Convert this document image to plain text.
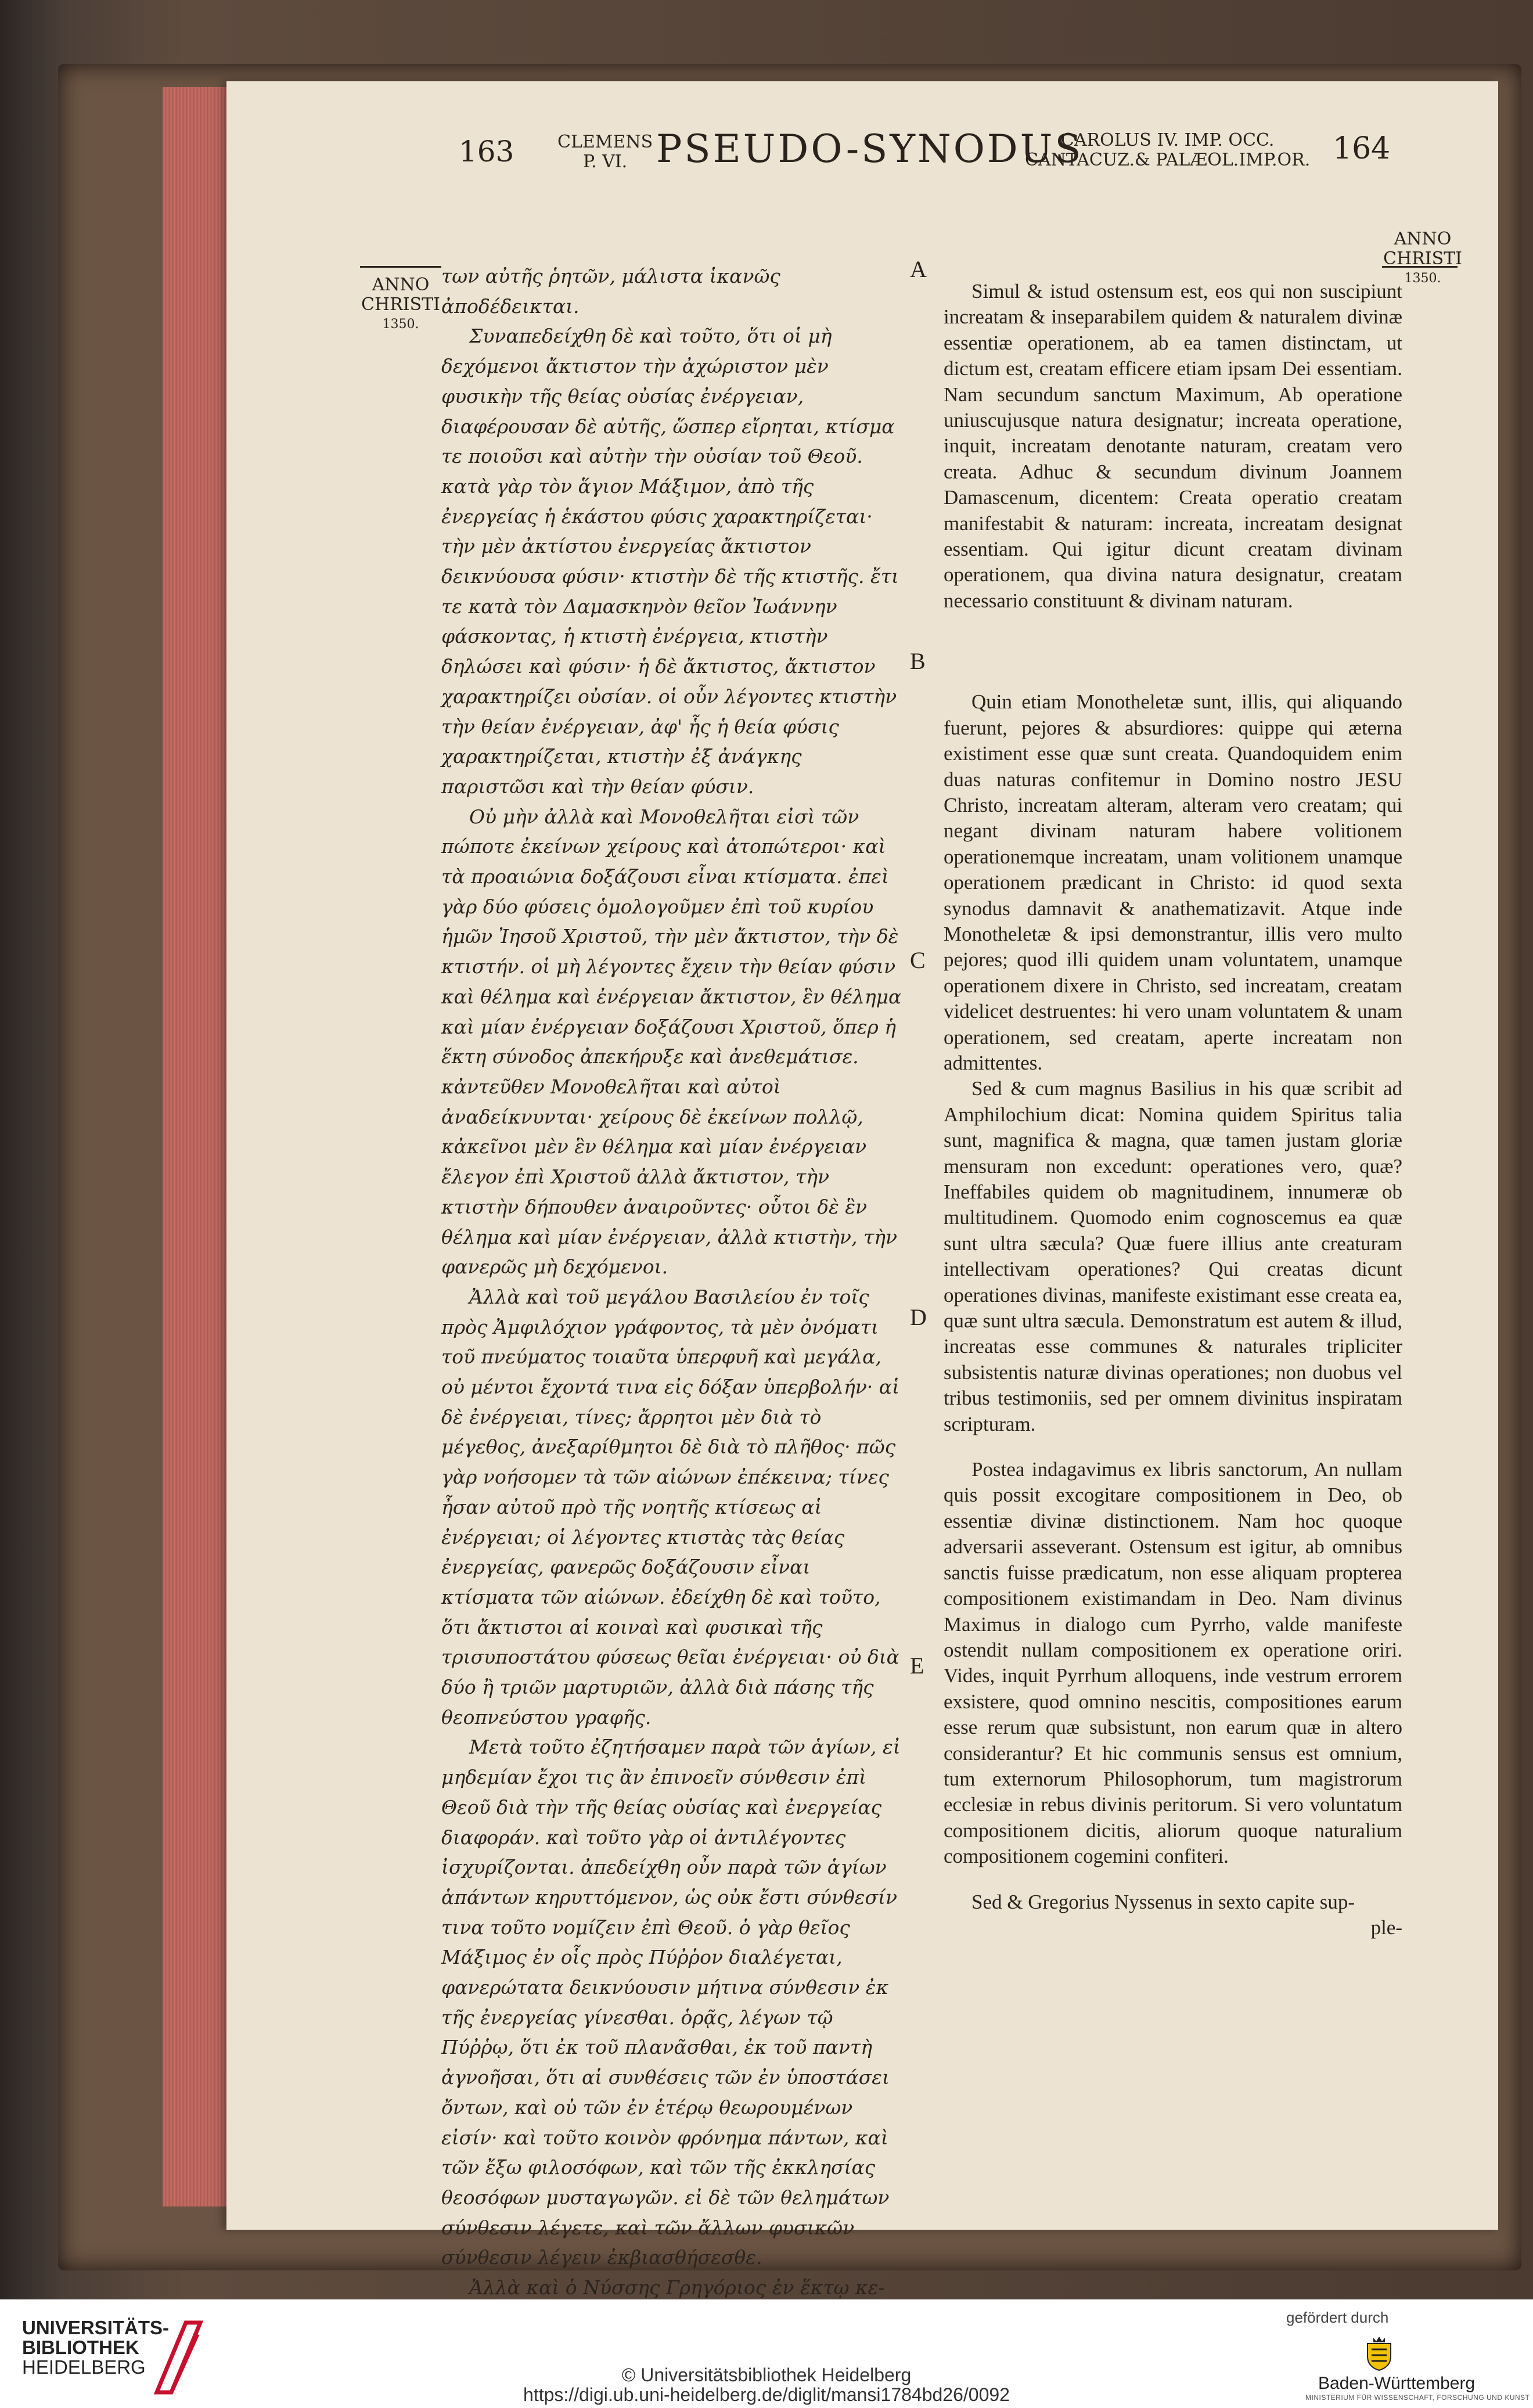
163 CLEMENS
P. VI. PSEUDO-SYNODUS
CAROLUS IV. IMP. OCC.
CANTACUZ.& PALÆOL.IMP.OR. 164
ANNO
CHRISTI
1350.
ANNO
CHRISTI
1350.
A
B
C
D
E

των αὐτῆς ῥητῶν, μάλιστα ἱκανῶς ἀποδέδεικται.

Συναπεδείχθη δὲ καὶ τοῦτο, ὅτι οἱ μὴ δεχόμενοι ἄκτιστον τὴν ἀχώριστον μὲν φυσικὴν τῆς θείας οὐσίας ἐνέργειαν, διαφέρουσαν δὲ αὐτῆς, ὥσπερ εἴρηται, κτίσμα τε ποιοῦσι καὶ αὐτὴν τὴν οὐσίαν τοῦ Θεοῦ. κατὰ γὰρ τὸν ἅγιον Μάξιμον, ἀπὸ τῆς ἐνεργείας ἡ ἑκάστου φύσις χαρακτηρίζεται· τὴν μὲν ἀκτίστου ἐνεργείας ἄκτιστον δεικνύουσα φύσιν· κτιστὴν δὲ τῆς κτιστῆς. ἔτι τε κατὰ τὸν Δαμασκηνὸν θεῖον Ἰωάννην φάσκοντας, ἡ κτιστὴ ἐνέργεια, κτιστὴν δηλώσει καὶ φύσιν· ἡ δὲ ἄκτιστος, ἄκτιστον χαρακτηρίζει οὐσίαν. οἱ οὖν λέγοντες κτιστὴν τὴν θείαν ἐνέργειαν, ἀφ' ἧς ἡ θεία φύσις χαρακτηρίζεται, κτιστὴν ἐξ ἀνάγκης παριστῶσι καὶ τὴν θείαν φύσιν.

Οὐ μὴν ἀλλὰ καὶ Μονοθελῆται εἰσὶ τῶν πώποτε ἐκείνων χείρους καὶ ἀτοπώτεροι· καὶ τὰ προαιώνια δοξάζουσι εἶναι κτίσματα. ἐπεὶ γὰρ δύο φύσεις ὁμολογοῦμεν ἐπὶ τοῦ κυρίου ἡμῶν Ἰησοῦ Χριστοῦ, τὴν μὲν ἄκτιστον, τὴν δὲ κτιστήν. οἱ μὴ λέγοντες ἔχειν τὴν θείαν φύσιν καὶ θέλημα καὶ ἐνέργειαν ἄκτιστον, ἓν θέλημα καὶ μίαν ἐνέργειαν δοξάζουσι Χριστοῦ, ὅπερ ἡ ἕκτη σύνοδος ἀπεκήρυξε καὶ ἀνεθεμάτισε. κἀντεῦθεν Μονοθελῆται καὶ αὐτοὶ ἀναδείκνυνται· χείρους δὲ ἐκείνων πολλῷ, κἀκεῖνοι μὲν ἓν θέλημα καὶ μίαν ἐνέργειαν ἔλεγον ἐπὶ Χριστοῦ ἀλλὰ ἄκτιστον, τὴν κτιστὴν δήπουθεν ἀναιροῦντες· οὗτοι δὲ ἓν θέλημα καὶ μίαν ἐνέργειαν, ἀλλὰ κτιστὴν, τὴν φανερῶς μὴ δεχόμενοι.

Ἀλλὰ καὶ τοῦ μεγάλου Βασιλείου ἐν τοῖς πρὸς Ἀμφιλόχιον γράφοντος, τὰ μὲν ὀνόματι τοῦ πνεύματος τοιαῦτα ὑπερφυῆ καὶ μεγάλα, οὐ μέντοι ἔχοντά τινα εἰς δόξαν ὑπερβολήν· αἱ δὲ ἐνέργειαι, τίνες; ἄρρητοι μὲν διὰ τὸ μέγεθος, ἀνεξαρίθμητοι δὲ διὰ τὸ πλῆθος· πῶς γὰρ νοήσομεν τὰ τῶν αἰώνων ἐπέκεινα; τίνες ἦσαν αὐτοῦ πρὸ τῆς νοητῆς κτίσεως αἱ ἐνέργειαι; οἱ λέγοντες κτιστὰς τὰς θείας ἐνεργείας, φανερῶς δοξάζουσιν εἶναι κτίσματα τῶν αἰώνων. ἐδείχθη δὲ καὶ τοῦτο, ὅτι ἄκτιστοι αἱ κοιναὶ καὶ φυσικαὶ τῆς τρισυποστάτου φύσεως θεῖαι ἐνέργειαι· οὐ διὰ δύο ἢ τριῶν μαρτυριῶν, ἀλλὰ διὰ πάσης τῆς θεοπνεύστου γραφῆς.

Μετὰ τοῦτο ἐζητήσαμεν παρὰ τῶν ἁγίων, εἰ μηδεμίαν ἔχοι τις ἂν ἐπινοεῖν σύνθεσιν ἐπὶ Θεοῦ διὰ τὴν τῆς θείας οὐσίας καὶ ἐνεργείας διαφοράν. καὶ τοῦτο γὰρ οἱ ἀντιλέγοντες ἰσχυρίζονται. ἀπεδείχθη οὖν παρὰ τῶν ἁγίων ἁπάντων κηρυττόμενον, ὡς οὐκ ἔστι σύνθεσίν τινα τοῦτο νομίζειν ἐπὶ Θεοῦ. ὁ γὰρ θεῖος Μάξιμος ἐν οἷς πρὸς Πύῤῥον διαλέγεται, φανερώτατα δεικνύουσιν μήτινα σύνθεσιν ἐκ τῆς ἐνεργείας γίνεσθαι. ὁρᾷς, λέγων τῷ Πύῤῥῳ, ὅτι ἐκ τοῦ πλανᾶσθαι, ἐκ τοῦ παντὴ ἀγνοῆσαι, ὅτι αἱ συνθέσεις τῶν ἐν ὑποστάσει ὄντων, καὶ οὐ τῶν ἐν ἑτέρῳ θεωρουμένων εἰσίν· καὶ τοῦτο κοινὸν φρόνημα πάντων, καὶ τῶν ἔξω φιλοσόφων, καὶ τῶν τῆς ἐκκλησίας θεοσόφων μυσταγωγῶν. εἰ δὲ τῶν θελημάτων σύνθεσιν λέγετε, καὶ τῶν ἄλλων φυσικῶν σύνθεσιν λέγειν ἐκβιασθήσεσθε.

Ἀλλὰ καὶ ὁ Νύσσης Γρηγόριος ἐν ἕκτῳ κε-

Simul & istud ostensum est, eos qui non suscipiunt increatam & inseparabilem quidem & naturalem divinæ essentiæ operationem, ab ea tamen distinctam, ut dictum est, creatam efficere etiam ipsam Dei essentiam. Nam secundum sanctum Maximum, Ab operatione uniuscujusque natura designatur; increata operatione, inquit, increatam denotante naturam, creatam vero creata. Adhuc & secundum divinum Joannem Damascenum, dicentem: Creata operatio creatam manifestabit & naturam: increata, increatam designat essentiam. Qui igitur dicunt creatam divinam operationem, qua divina natura designatur, creatam necessario constituunt & divinam naturam.

Quin etiam Monotheletæ sunt, illis, qui aliquando fuerunt, pejores & absurdiores: quippe qui æterna existiment esse quæ sunt creata. Quandoquidem enim duas naturas confitemur in Domino nostro JESU Christo, increatam alteram, alteram vero creatam; qui negant divinam naturam habere volitionem operationemque increatam, unam volitionem unamque operationem prædicant in Christo: id quod sexta synodus damnavit & anathematizavit. Atque inde Monotheletæ & ipsi demonstrantur, illis vero multo pejores; quod illi quidem unam voluntatem, unamque operationem dixere in Christo, sed increatam, creatam videlicet destruentes: hi vero unam voluntatem & unam operationem, sed creatam, aperte increatam non admittentes.

Sed & cum magnus Basilius in his quæ scribit ad Amphilochium dicat: Nomina quidem Spiritus talia sunt, magnifica & magna, quæ tamen justam gloriæ mensuram non excedunt: operationes vero, quæ? Ineffabiles quidem ob magnitudinem, innumeræ ob multitudinem. Quomodo enim cognoscemus ea quæ sunt ultra sæcula? Quæ fuere illius ante creaturam intellectivam operationes? Qui creatas dicunt operationes divinas, manifeste existimant esse creata ea, quæ sunt ultra sæcula. Demonstratum est autem & illud, increatas esse communes & naturales tripliciter subsistentis naturæ divinas operationes; non duobus vel tribus testimoniis, sed per omnem divinitus inspiratam scripturam.

Postea indagavimus ex libris sanctorum, An nullam quis possit excogitare compositionem in Deo, ob essentiæ divinæ distinctionem. Nam hoc quoque adversarii asseverant. Ostensum est igitur, ab omnibus sanctis fuisse prædicatum, non esse aliquam propterea compositionem existimandam in Deo. Nam divinus Maximus in dialogo cum Pyrrho, valde manifeste ostendit nullam compositionem ex operatione oriri. Vides, inquit Pyrrhum alloquens, inde vestrum errorem exsistere, quod omnino nescitis, compositiones earum esse rerum quæ subsistunt, non earum quæ in altero considerantur? Et hic communis sensus est omnium, tum externorum Philosophorum, tum magistrorum ecclesiæ in rebus divinis peritorum. Si vero voluntatum compositionem dicitis, aliorum quoque naturalium compositionem cogemini confiteri.

Sed & Gregorius Nyssenus in sexto capite sup-

ple-

UNIVERSITÄTS-
BIBLIOTHEK
HEIDELBERG	© Universitätsbibliothek Heidelberg
https://digi.ub.uni-heidelberg.de/diglit/mansi1784bd26/0092
gefördert durch
Baden-Württemberg
MINISTERIUM FÜR WISSENSCHAFT, FORSCHUNG UND KUNST
